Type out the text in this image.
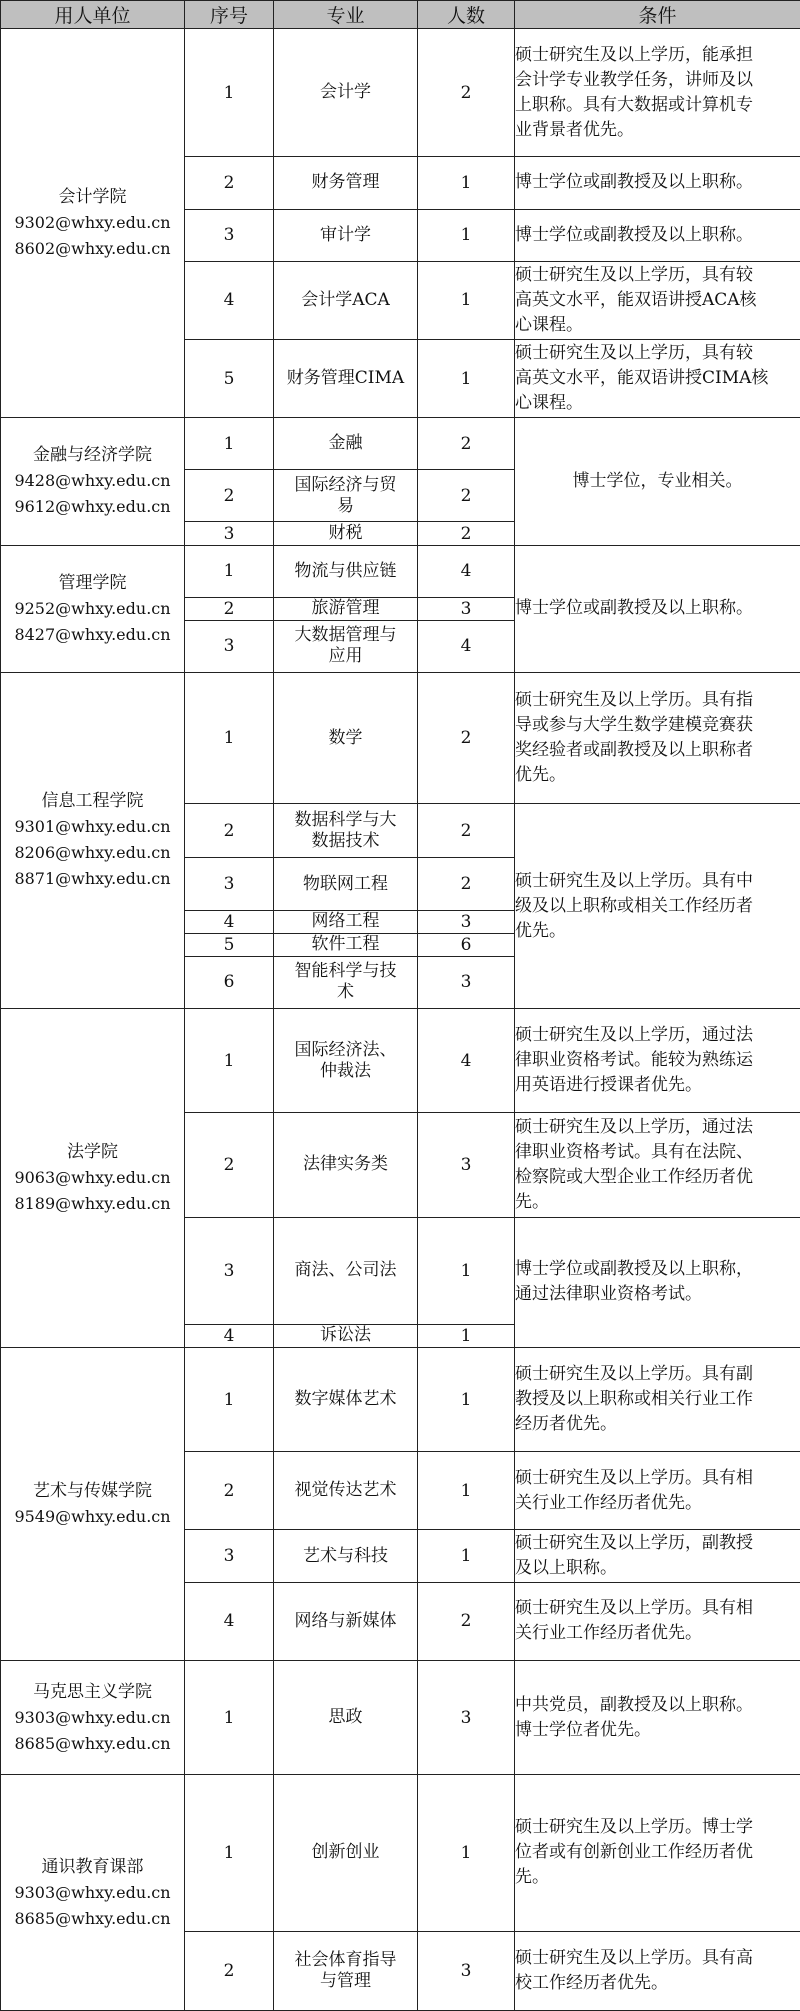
用人单位	序号	专业	人数	条件

会计学院
9302@whxy.edu.cn
8602@whxy.edu.cn	1	会计学	2	硕士研究生及以上学历，能承担
会计学专业教学任务，讲师及以
上职称。具有大数据或计算机专
业背景者优先。

	2	财务管理	1	博士学位或副教授及以上职称。

	3	审计学	1	博士学位或副教授及以上职称。

	4	会计学ACA	1	硕士研究生及以上学历，具有较
高英文水平，能双语讲授ACA核
心课程。

	5	财务管理CIMA	1	硕士研究生及以上学历，具有较
高英文水平，能双语讲授CIMA核
心课程。

金融与经济学院
9428@whxy.edu.cn
9612@whxy.edu.cn	1	金融	2	博士学位，专业相关。

	2	国际经济与贸
易	2	
	3	财税	2	

管理学院
9252@whxy.edu.cn
8427@whxy.edu.cn	1	物流与供应链	4	博士学位或副教授及以上职称。

	2	旅游管理	3	
	3	大数据管理与
应用	4	

信息工程学院
9301@whxy.edu.cn
8206@whxy.edu.cn
8871@whxy.edu.cn	1	数学	2	硕士研究生及以上学历。具有指
导或参与大学生数学建模竞赛获
奖经验者或副教授及以上职称者
优先。

	2	数据科学与大
数据技术	2	硕士研究生及以上学历。具有中
级及以上职称或相关工作经历者
优先。

	3	物联网工程	2	
	4	网络工程	3	
	5	软件工程	6	
	6	智能科学与技
术	3	

法学院
9063@whxy.edu.cn
8189@whxy.edu.cn	1	国际经济法、
仲裁法	4	硕士研究生及以上学历，通过法
律职业资格考试。能较为熟练运
用英语进行授课者优先。

	2	法律实务类	3	硕士研究生及以上学历，通过法
律职业资格考试。具有在法院、
检察院或大型企业工作经历者优
先。

	3	商法、公司法	1	博士学位或副教授及以上职称，
通过法律职业资格考试。

	4	诉讼法	1	

艺术与传媒学院
9549@whxy.edu.cn	1	数字媒体艺术	1	硕士研究生及以上学历。具有副
教授及以上职称或相关行业工作
经历者优先。

	2	视觉传达艺术	1	硕士研究生及以上学历。具有相
关行业工作经历者优先。

	3	艺术与科技	1	硕士研究生及以上学历，副教授
及以上职称。

	4	网络与新媒体	2	硕士研究生及以上学历。具有相
关行业工作经历者优先。

马克思主义学院
9303@whxy.edu.cn
8685@whxy.edu.cn	1	思政	3	中共党员，副教授及以上职称。
博士学位者优先。

通识教育课部
9303@whxy.edu.cn
8685@whxy.edu.cn	1	创新创业	1	硕士研究生及以上学历。博士学
位者或有创新创业工作经历者优
先。

	2	社会体育指导
与管理	3	硕士研究生及以上学历。具有高
校工作经历者优先。
